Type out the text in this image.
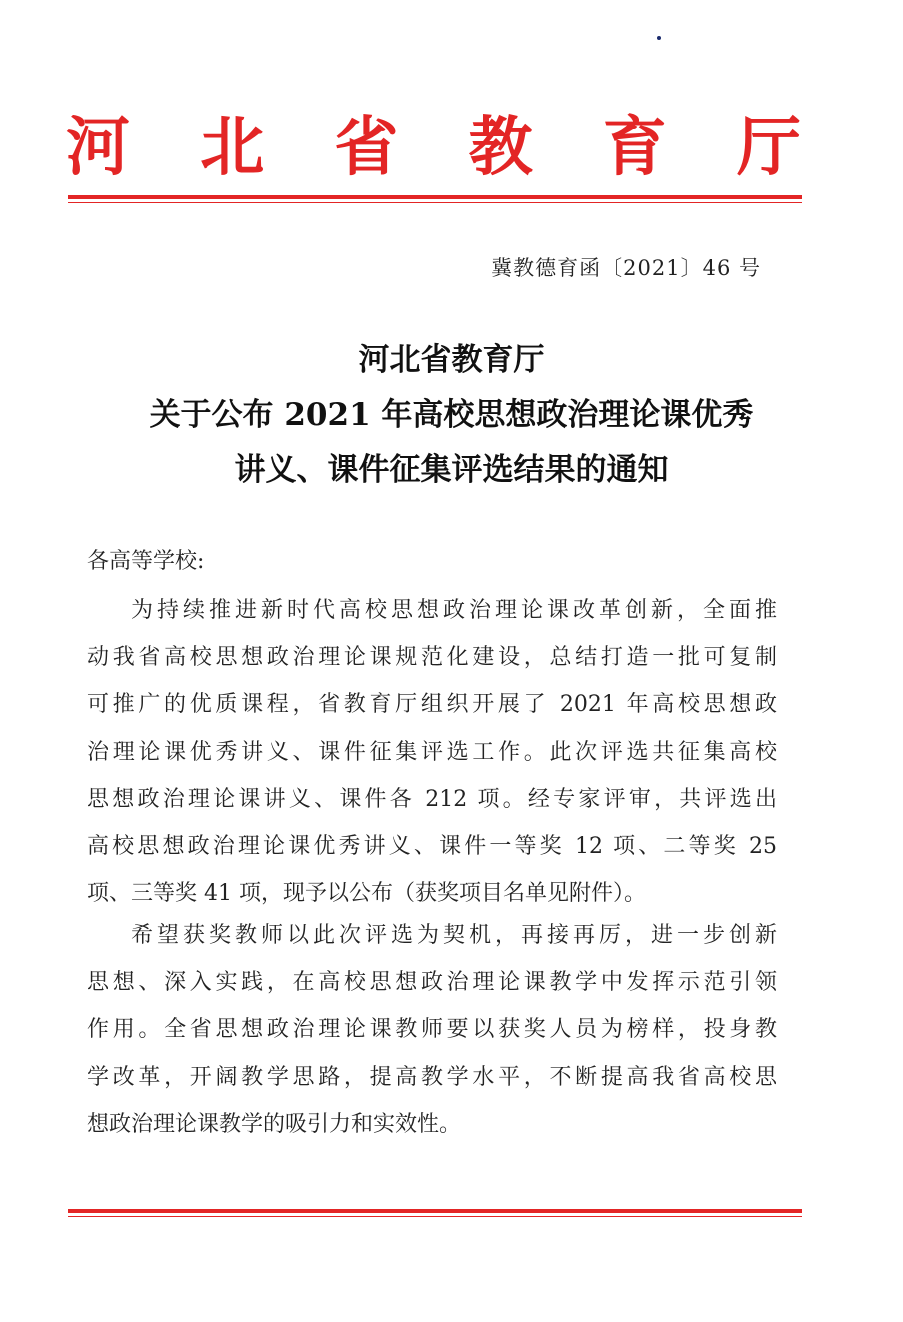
河 北 省 教 育 厅
冀教德育函〔2021〕46 号
河北省教育厅
关于公布 2021 年高校思想政治理论课优秀
讲义、课件征集评选结果的通知
各高等学校:
为持续推进新时代高校思想政治理论课改革创新，全面推
动我省高校思想政治理论课规范化建设，总结打造一批可复制
可推广的优质课程，省教育厅组织开展了 2021 年高校思想政
治理论课优秀讲义、课件征集评选工作。此次评选共征集高校
思想政治理论课讲义、课件各 212 项。经专家评审，共评选出
高校思想政治理论课优秀讲义、课件一等奖 12 项、二等奖 25
项、三等奖 41 项，现予以公布（获奖项目名单见附件）。
希望获奖教师以此次评选为契机，再接再厉，进一步创新
思想、深入实践，在高校思想政治理论课教学中发挥示范引领
作用。全省思想政治理论课教师要以获奖人员为榜样，投身教
学改革，开阔教学思路，提高教学水平，不断提高我省高校思
想政治理论课教学的吸引力和实效性。
